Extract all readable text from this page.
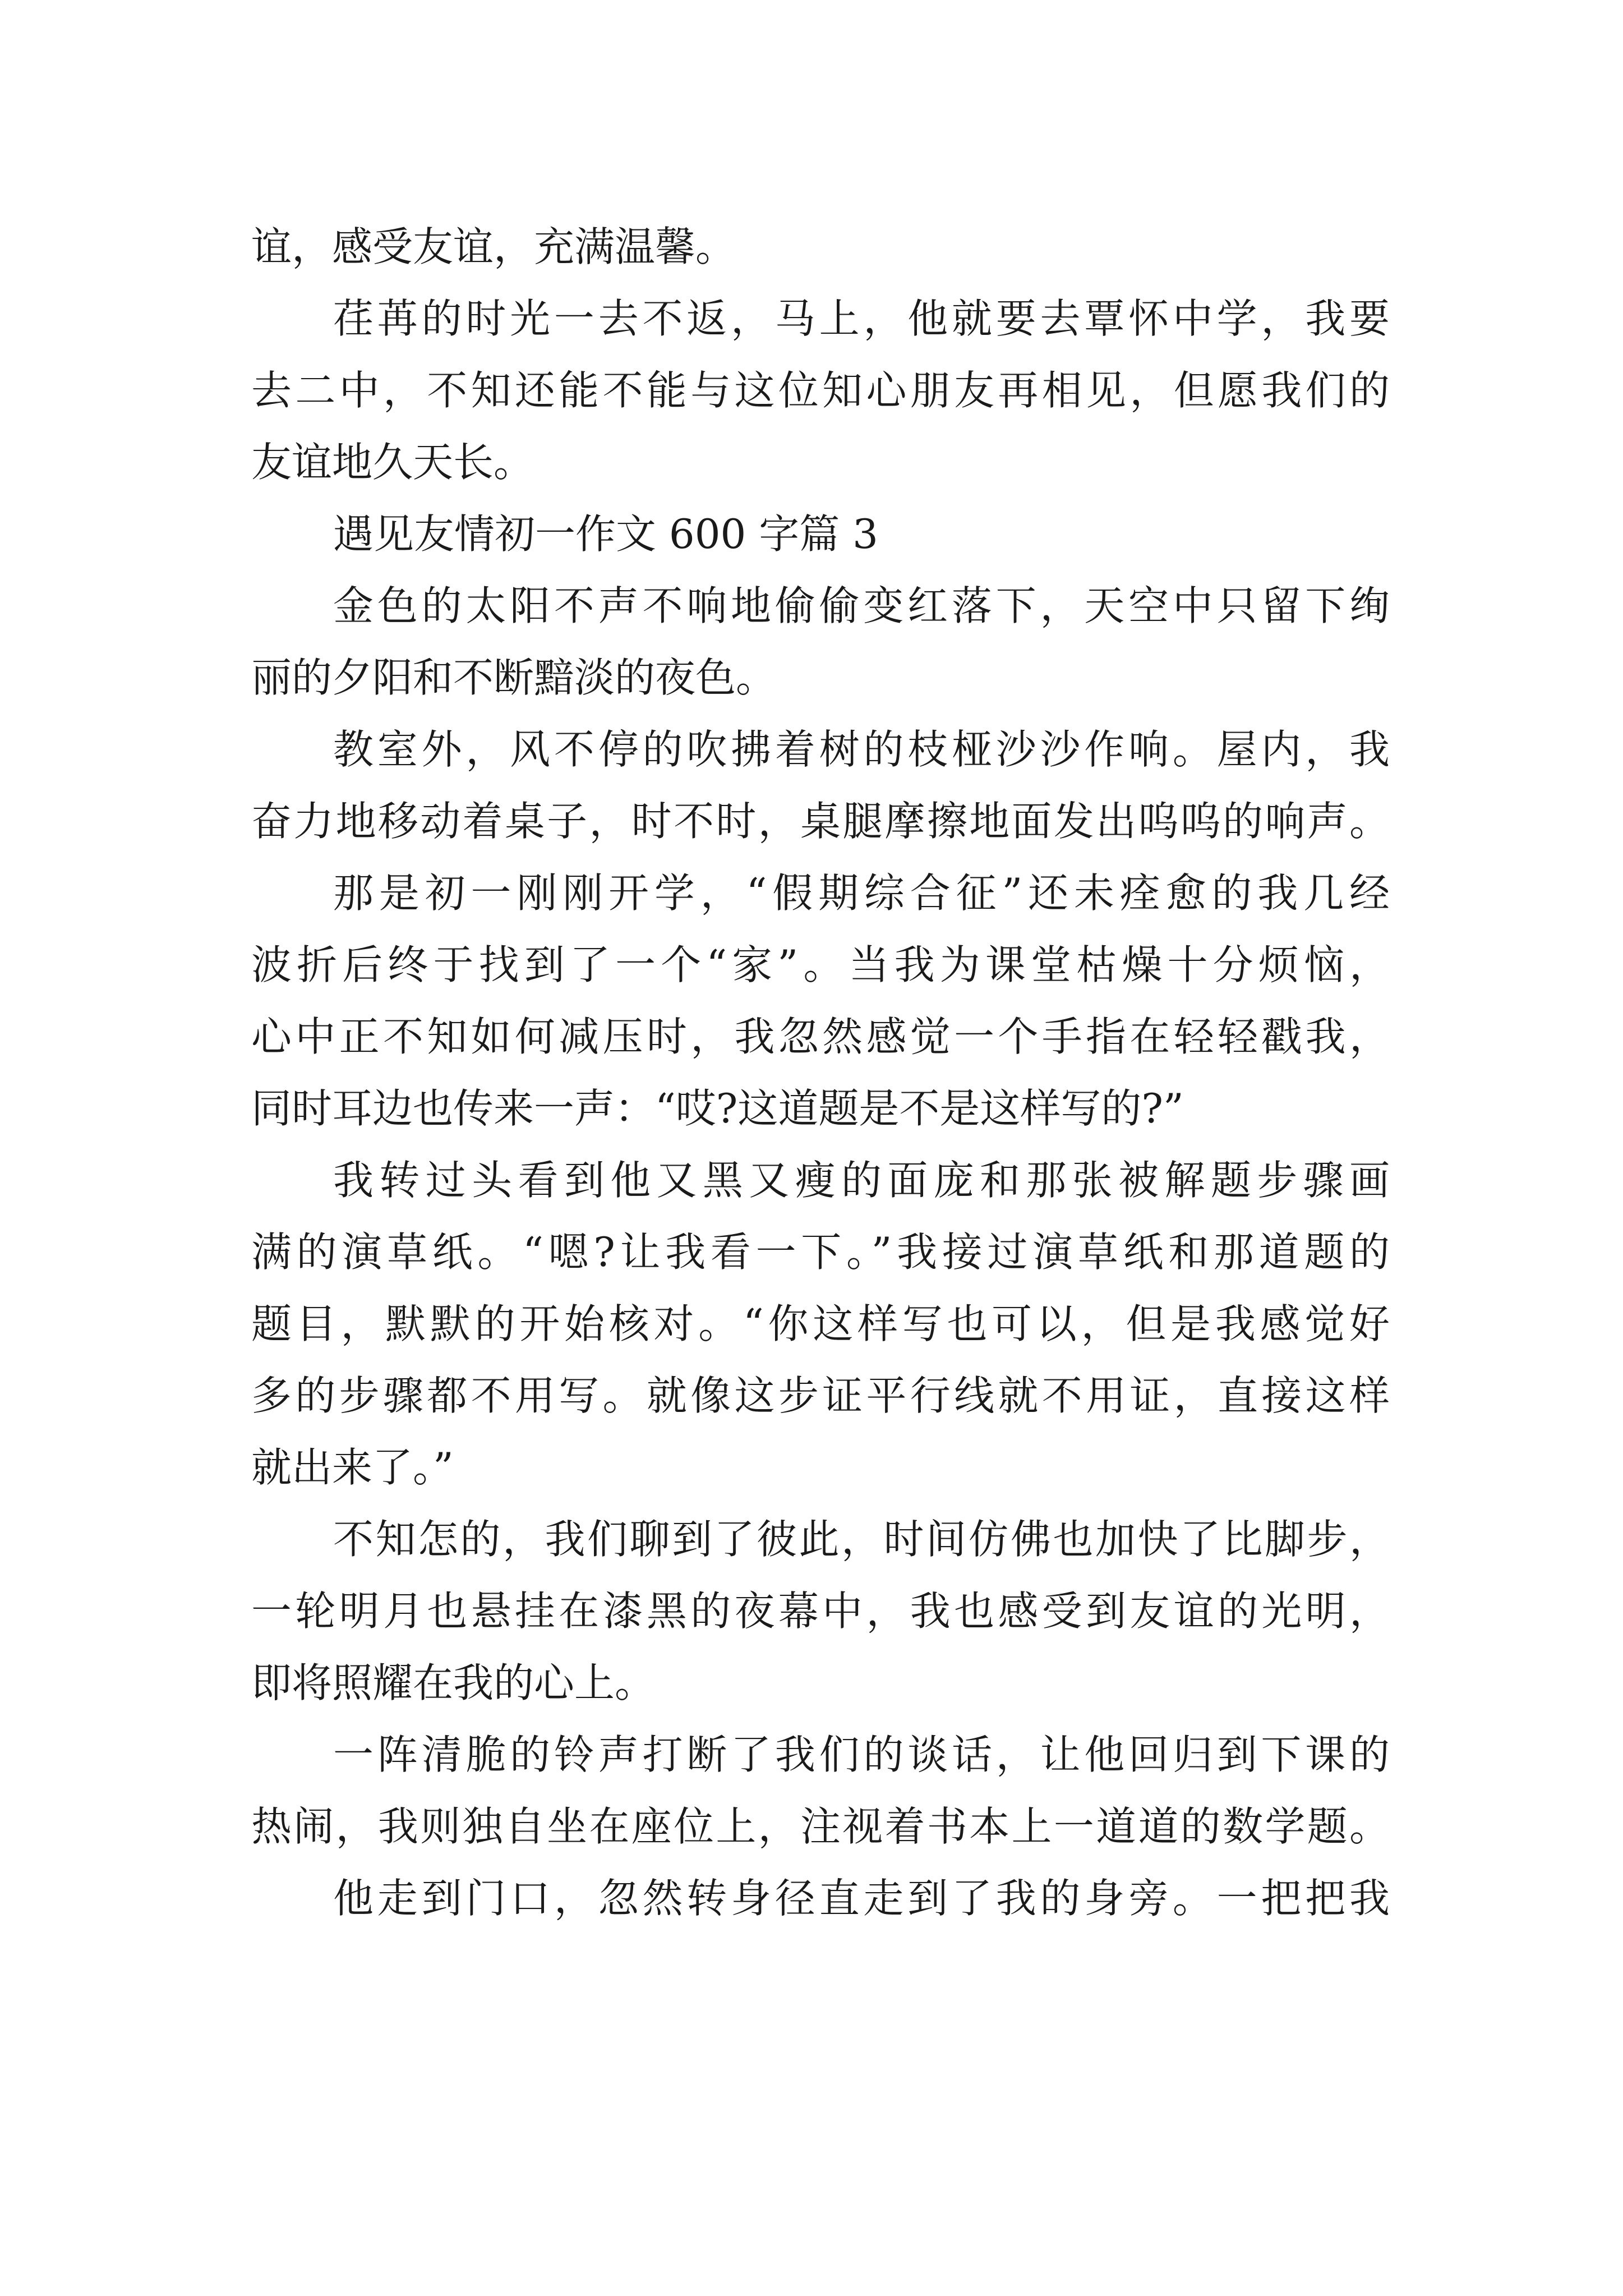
谊，感受友谊，充满温馨。
荏苒的时光一去不返，马上，他就要去覃怀中学，我要
去二中，不知还能不能与这位知心朋友再相见，但愿我们的
友谊地久天长。
遇见友情初一作文 600 字篇 3
金色的太阳不声不响地偷偷变红落下，天空中只留下绚
丽的夕阳和不断黯淡的夜色。
教室外，风不停的吹拂着树的枝桠沙沙作响。屋内，我
奋力地移动着桌子，时不时，桌腿摩擦地面发出呜呜的响声。
那是初一刚刚开学，“假期综合征”还未痊愈的我几经
波折后终于找到了一个“家”。当我为课堂枯燥十分烦恼，
心中正不知如何减压时，我忽然感觉一个手指在轻轻戳我，
同时耳边也传来一声：“哎?这道题是不是这样写的?”
我转过头看到他又黑又瘦的面庞和那张被解题步骤画
满的演草纸。“嗯?让我看一下。”我接过演草纸和那道题的
题目，默默的开始核对。“你这样写也可以，但是我感觉好
多的步骤都不用写。就像这步证平行线就不用证，直接这样
就出来了。”
不知怎的，我们聊到了彼此，时间仿佛也加快了比脚步，
一轮明月也悬挂在漆黑的夜幕中，我也感受到友谊的光明，
即将照耀在我的心上。
一阵清脆的铃声打断了我们的谈话，让他回归到下课的
热闹，我则独自坐在座位上，注视着书本上一道道的数学题。
他走到门口，忽然转身径直走到了我的身旁。一把把我
